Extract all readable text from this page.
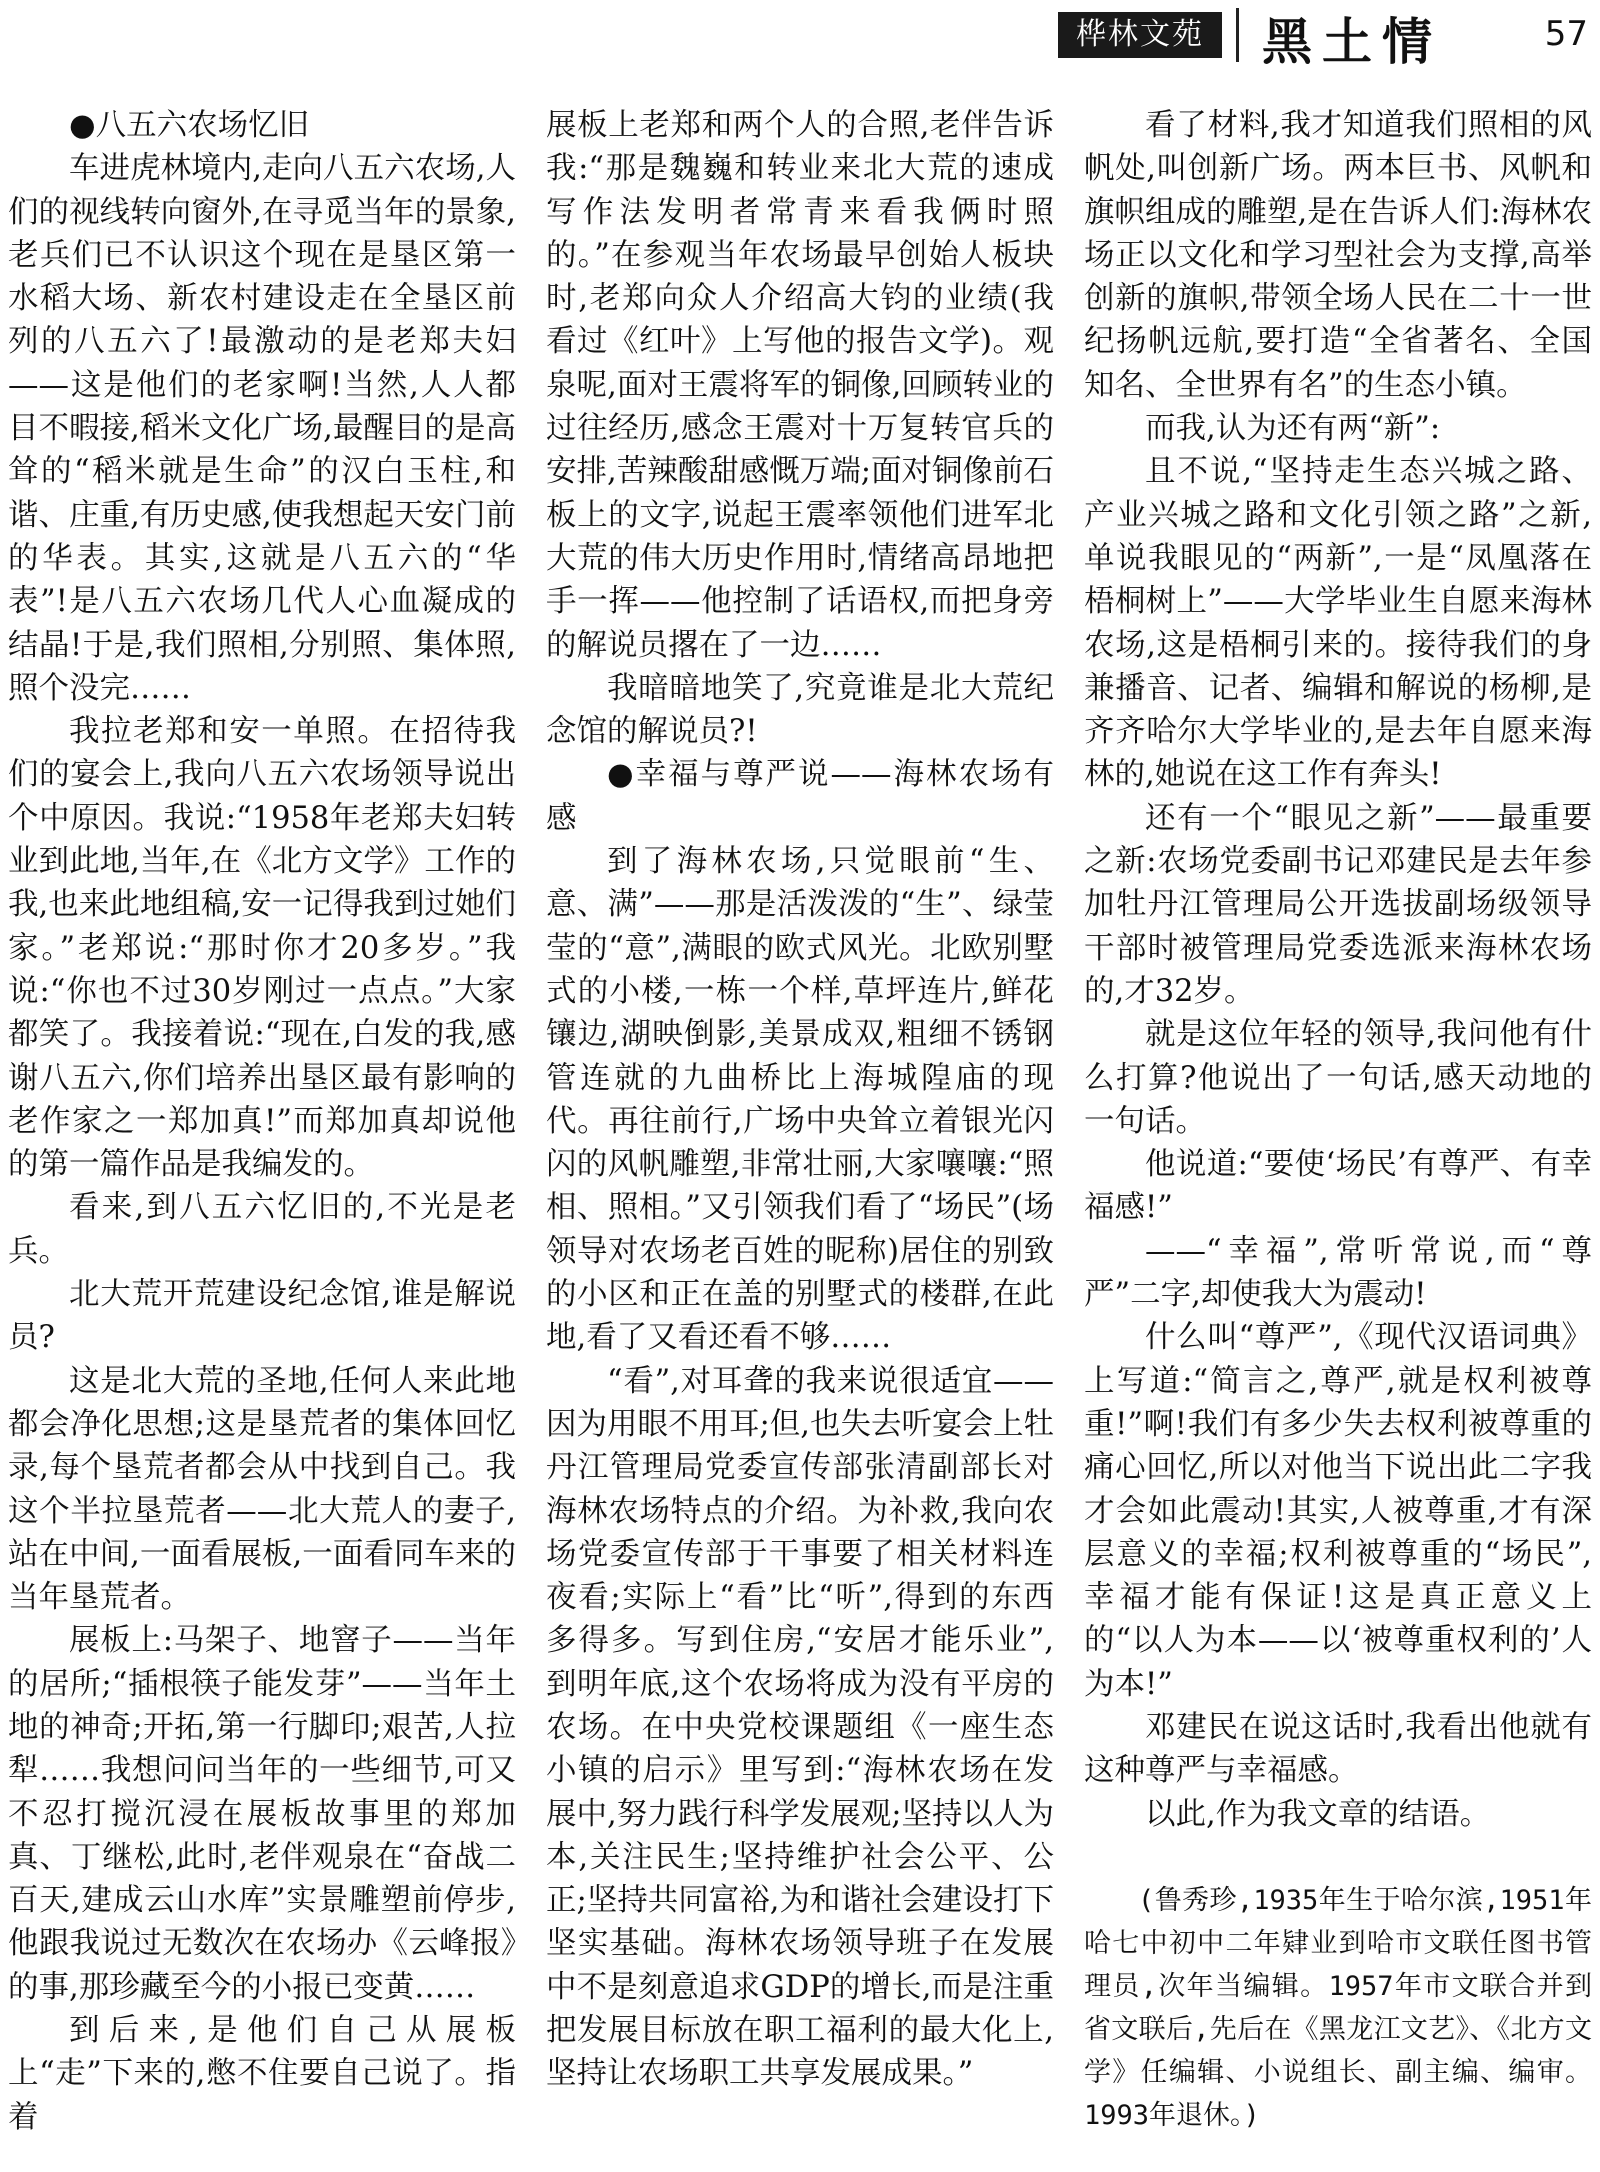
桦林文苑	黑土情	57

●八五六农场忆旧

车进虎林境内,走向八五六农场,人们的视线转向窗外,在寻觅当年的景象,老兵们已不认识这个现在是垦区第一水稻大场、新农村建设走在全垦区前列的八五六了!最激动的是老郑夫妇——这是他们的老家啊!当然,人人都目不暇接,稻米文化广场,最醒目的是高耸的“稻米就是生命”的汉白玉柱,和谐、庄重,有历史感,使我想起天安门前的华表。其实,这就是八五六的“华表”!是八五六农场几代人心血凝成的结晶!于是,我们照相,分别照、集体照,照个没完……

我拉老郑和安一单照。在招待我们的宴会上,我向八五六农场领导说出个中原因。我说:“1958年老郑夫妇转业到此地,当年,在《北方文学》工作的我,也来此地组稿,安一记得我到过她们家。”老郑说:“那时你才20多岁。”我说:“你也不过30岁刚过一点点。”大家都笑了。我接着说:“现在,白发的我,感谢八五六,你们培养出垦区最有影响的老作家之一郑加真!”而郑加真却说他的第一篇作品是我编发的。

看来,到八五六忆旧的,不光是老兵。

北大荒开荒建设纪念馆,谁是解说员?

这是北大荒的圣地,任何人来此地都会净化思想;这是垦荒者的集体回忆录,每个垦荒者都会从中找到自己。我这个半拉垦荒者——北大荒人的妻子,站在中间,一面看展板,一面看同车来的当年垦荒者。

展板上:马架子、地窨子——当年的居所;“插根筷子能发芽”——当年土地的神奇;开拓,第一行脚印;艰苦,人拉犁……我想问问当年的一些细节,可又不忍打搅沉浸在展板故事里的郑加真、丁继松,此时,老伴观泉在“奋战二百天,建成云山水库”实景雕塑前停步,他跟我说过无数次在农场办《云峰报》的事,那珍藏至今的小报已变黄……

到后来,是他们自己从展板上“走”下来的,憋不住要自己说了。指着

展板上老郑和两个人的合照,老伴告诉我:“那是魏巍和转业来北大荒的速成写作法发明者常青来看我俩时照的。”在参观当年农场最早创始人板块时,老郑向众人介绍高大钧的业绩(我看过《红叶》上写他的报告文学)。观泉呢,面对王震将军的铜像,回顾转业的过往经历,感念王震对十万复转官兵的安排,苦辣酸甜感慨万端;面对铜像前石板上的文字,说起王震率领他们进军北大荒的伟大历史作用时,情绪高昂地把手一挥——他控制了话语权,而把身旁的解说员撂在了一边……

我暗暗地笑了,究竟谁是北大荒纪念馆的解说员?!

●幸福与尊严说——海林农场有感

到了海林农场,只觉眼前“生、意、满”——那是活泼泼的“生”、绿莹莹的“意”,满眼的欧式风光。北欧别墅式的小楼,一栋一个样,草坪连片,鲜花镶边,湖映倒影,美景成双,粗细不锈钢管连就的九曲桥比上海城隍庙的现代。再往前行,广场中央耸立着银光闪闪的风帆雕塑,非常壮丽,大家嚷嚷:“照相、照相。”又引领我们看了“场民”(场领导对农场老百姓的昵称)居住的别致的小区和正在盖的别墅式的楼群,在此地,看了又看还看不够……

“看”,对耳聋的我来说很适宜——因为用眼不用耳;但,也失去听宴会上牡丹江管理局党委宣传部张清副部长对海林农场特点的介绍。为补救,我向农场党委宣传部于干事要了相关材料连夜看;实际上“看”比“听”,得到的东西多得多。写到住房,“安居才能乐业”,到明年底,这个农场将成为没有平房的农场。在中央党校课题组《一座生态小镇的启示》里写到:“海林农场在发展中,努力践行科学发展观;坚持以人为本,关注民生;坚持维护社会公平、公正;坚持共同富裕,为和谐社会建设打下坚实基础。海林农场领导班子在发展中不是刻意追求GDP的增长,而是注重把发展目标放在职工福利的最大化上,坚持让农场职工共享发展成果。”

看了材料,我才知道我们照相的风帆处,叫创新广场。两本巨书、风帆和旗帜组成的雕塑,是在告诉人们:海林农场正以文化和学习型社会为支撑,高举创新的旗帜,带领全场人民在二十一世纪扬帆远航,要打造“全省著名、全国知名、全世界有名”的生态小镇。

而我,认为还有两“新”:

且不说,“坚持走生态兴城之路、产业兴城之路和文化引领之路”之新,单说我眼见的“两新”,一是“凤凰落在梧桐树上”——大学毕业生自愿来海林农场,这是梧桐引来的。接待我们的身兼播音、记者、编辑和解说的杨柳,是齐齐哈尔大学毕业的,是去年自愿来海林的,她说在这工作有奔头!

还有一个“眼见之新”——最重要之新:农场党委副书记邓建民是去年参加牡丹江管理局公开选拔副场级领导干部时被管理局党委选派来海林农场的,才32岁。

就是这位年轻的领导,我问他有什么打算?他说出了一句话,感天动地的一句话。

他说道:“要使‘场民’有尊严、有幸福感!”

——“幸福”,常听常说,而“尊严”二字,却使我大为震动!

什么叫“尊严”,《现代汉语词典》上写道:“简言之,尊严,就是权利被尊重!”啊!我们有多少失去权利被尊重的痛心回忆,所以对他当下说出此二字我才会如此震动!其实,人被尊重,才有深层意义的幸福;权利被尊重的“场民”,幸福才能有保证!这是真正意义上的“以人为本——以‘被尊重权利的’人为本!”

邓建民在说这话时,我看出他就有这种尊严与幸福感。

以此,作为我文章的结语。

(鲁秀珍,1935年生于哈尔滨,1951年哈七中初中二年肄业到哈市文联任图书管理员,次年当编辑。1957年市文联合并到省文联后,先后在《黑龙江文艺》、《北方文学》任编辑、小说组长、副主编、编审。1993年退休。)
